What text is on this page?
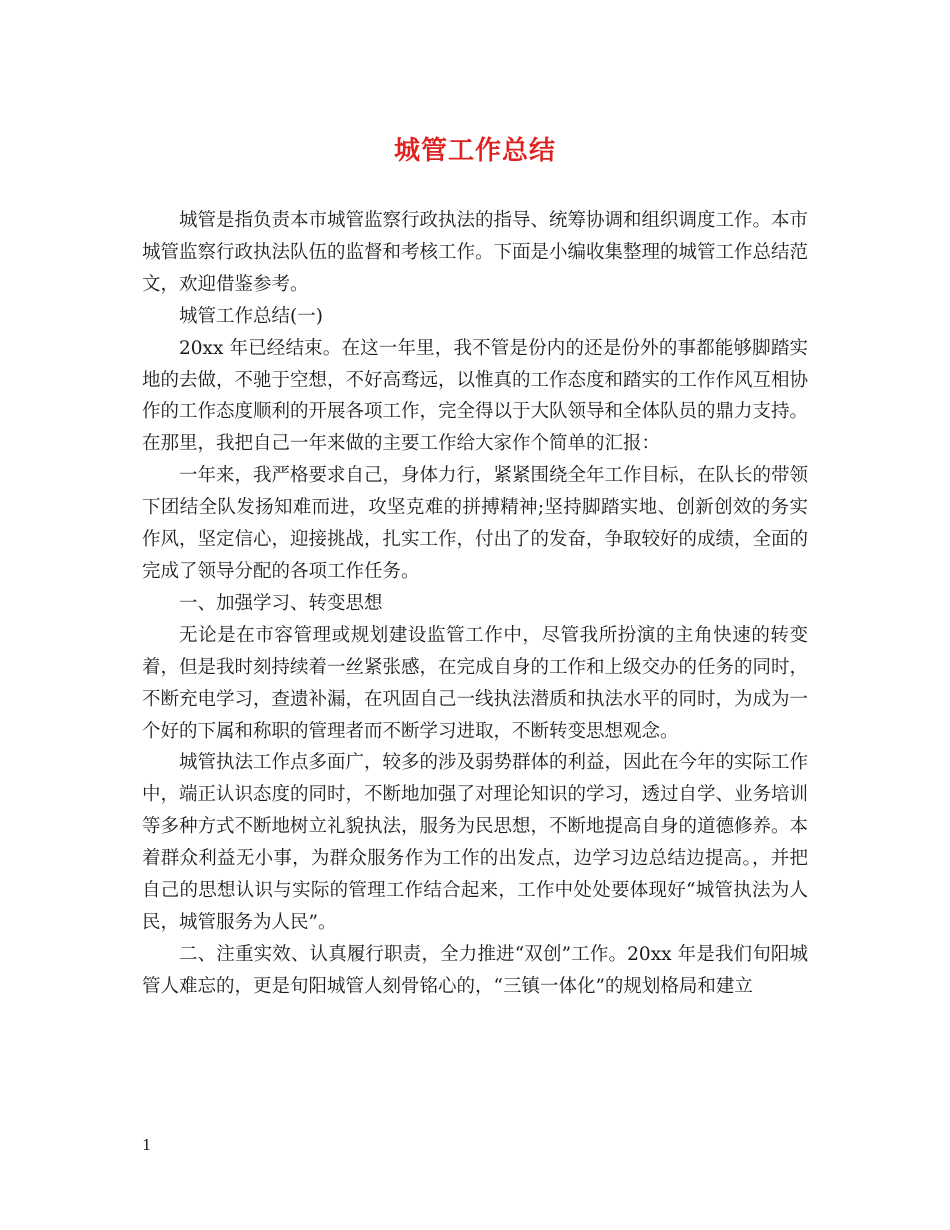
城管工作总结

城管是指负责本市城管监察行政执法的指导、统筹协调和组织调度工作。本市城管监察行政执法队伍的监督和考核工作。下面是小编收集整理的城管工作总结范文，欢迎借鉴参考。

城管工作总结(一)

20xx 年已经结束。在这一年里，我不管是份内的还是份外的事都能够脚踏实地的去做，不驰于空想，不好高骛远，以惟真的工作态度和踏实的工作作风互相协作的工作态度顺利的开展各项工作，完全得以于大队领导和全体队员的鼎力支持。在那里，我把自己一年来做的主要工作给大家作个简单的汇报：

一年来，我严格要求自己，身体力行，紧紧围绕全年工作目标，在队长的带领下团结全队发扬知难而进，攻坚克难的拼搏精神;坚持脚踏实地、创新创效的务实作风，坚定信心，迎接挑战，扎实工作，付出了的发奋，争取较好的成绩，全面的完成了领导分配的各项工作任务。

一、加强学习、转变思想

无论是在市容管理或规划建设监管工作中，尽管我所扮演的主角快速的转变着，但是我时刻持续着一丝紧张感，在完成自身的工作和上级交办的任务的同时，不断充电学习，查遗补漏，在巩固自己一线执法潜质和执法水平的同时，为成为一个好的下属和称职的管理者而不断学习进取，不断转变思想观念。

城管执法工作点多面广，较多的涉及弱势群体的利益，因此在今年的实际工作中，端正认识态度的同时，不断地加强了对理论知识的学习，透过自学、业务培训等多种方式不断地树立礼貌执法，服务为民思想，不断地提高自身的道德修养。本着群众利益无小事，为群众服务作为工作的出发点，边学习边总结边提高。，并把自己的思想认识与实际的管理工作结合起来，工作中处处要体现好“城管执法为人民，城管服务为人民”。

二、注重实效、认真履行职责，全力推进“双创”工作。20xx 年是我们旬阳城管人难忘的，更是旬阳城管人刻骨铭心的，“三镇一体化”的规划格局和建立

1
